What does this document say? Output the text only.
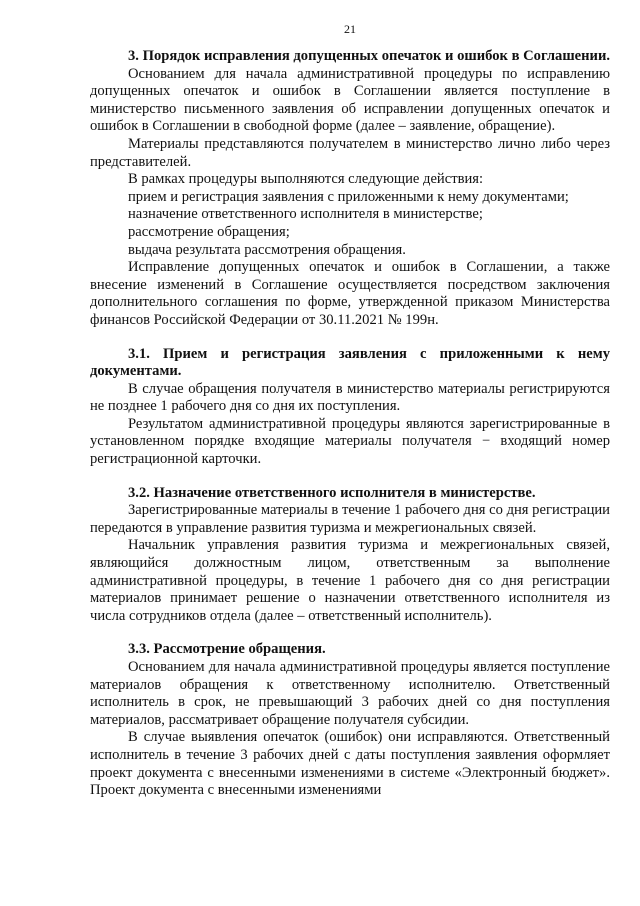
21

3. Порядок исправления допущенных опечаток и ошибок в Соглашении.

Основанием для начала административной процедуры по исправлению допущенных опечаток и ошибок в Соглашении является поступление в министерство письменного заявления об исправлении допущенных опечаток и ошибок в Соглашении в свободной форме (далее – заявление, обращение).

Материалы представляются получателем в министерство лично либо через представителей.

В рамках процедуры выполняются следующие действия:

прием и регистрация заявления с приложенными к нему документами;

назначение ответственного исполнителя в министерстве;

рассмотрение обращения;

выдача результата рассмотрения обращения.

Исправление допущенных опечаток и ошибок в Соглашении, а также внесение изменений в Соглашение осуществляется посредством заключения дополнительного соглашения по форме, утвержденной приказом Министерства финансов Российской Федерации от 30.11.2021 № 199н.

3.1. Прием и регистрация заявления с приложенными к нему документами.

В случае обращения получателя в министерство материалы регистрируются не позднее 1 рабочего дня со дня их поступления.

Результатом административной процедуры являются зарегистрированные в установленном порядке входящие материалы получателя − входящий номер регистрационной карточки.

3.2. Назначение ответственного исполнителя в министерстве.

Зарегистрированные материалы в течение 1 рабочего дня со дня регистрации передаются в управление развития туризма и межрегиональных связей.

Начальник управления развития туризма и межрегиональных связей, являющийся должностным лицом, ответственным за выполнение административной процедуры, в течение 1 рабочего дня со дня регистрации материалов принимает решение о назначении ответственного исполнителя из числа сотрудников отдела (далее – ответственный исполнитель).

3.3. Рассмотрение обращения.

Основанием для начала административной процедуры является поступление материалов обращения к ответственному исполнителю. Ответственный исполнитель в срок, не превышающий 3 рабочих дней со дня поступления материалов, рассматривает обращение получателя субсидии.

В случае выявления опечаток (ошибок) они исправляются. Ответственный исполнитель в течение 3 рабочих дней с даты поступления заявления оформляет проект документа с внесенными изменениями в системе «Электронный бюджет». Проект документа с внесенными изменениями
